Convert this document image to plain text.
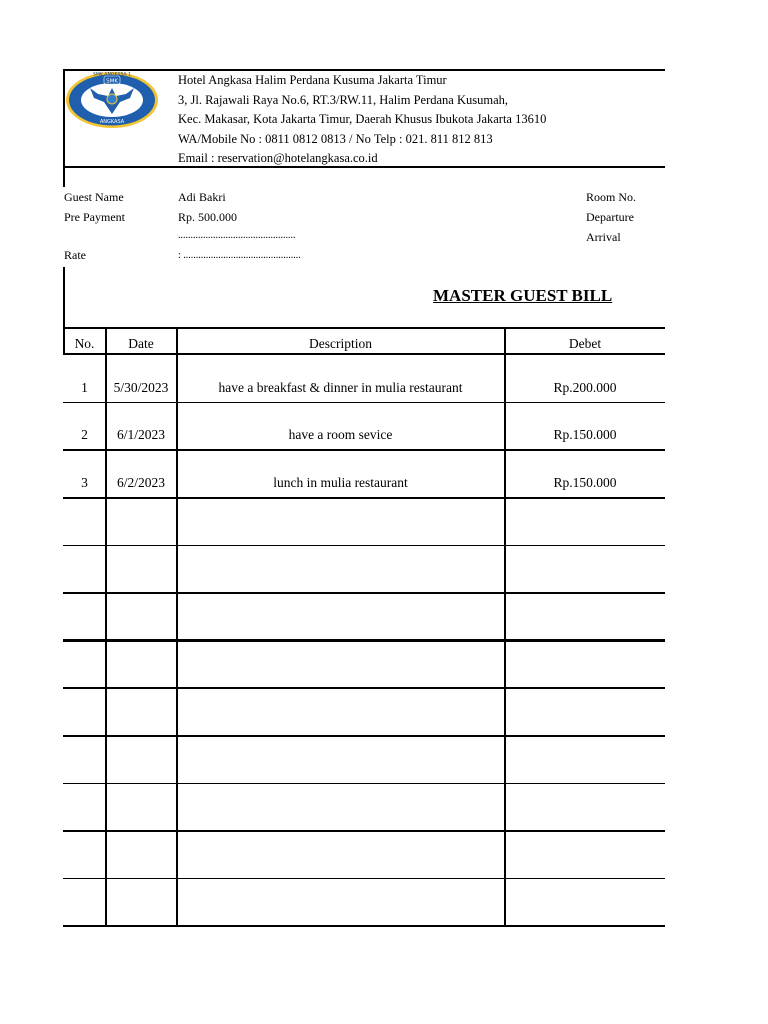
SMK
SMK ANGKASA 1
ANGKASA
Hotel Angkasa Halim Perdana Kusuma Jakarta Timur
3, Jl. Rajawali Raya No.6, RT.3/RW.11, Halim Perdana Kusumah,
Kec. Makasar, Kota Jakarta Timur, Daerah Khusus Ibukota Jakarta 13610
WA/Mobile No : 0811 0812 0813 / No Telp : 021. 811 812 813
Email : reservation@hotelangkasa.co.id
Guest Name	Adi Bakri
Pre Payment	Rp. 500.000
...............................................
Rate	: ...............................................
Room No.
Departure
Arrival
MASTER GUEST BILL
No.	Date	Description	Debet
1	5/30/2023	have a breakfast & dinner in mulia restaurant	Rp.200.000
2	6/1/2023	have a room sevice	Rp.150.000
3	6/2/2023	lunch in mulia restaurant	Rp.150.000
